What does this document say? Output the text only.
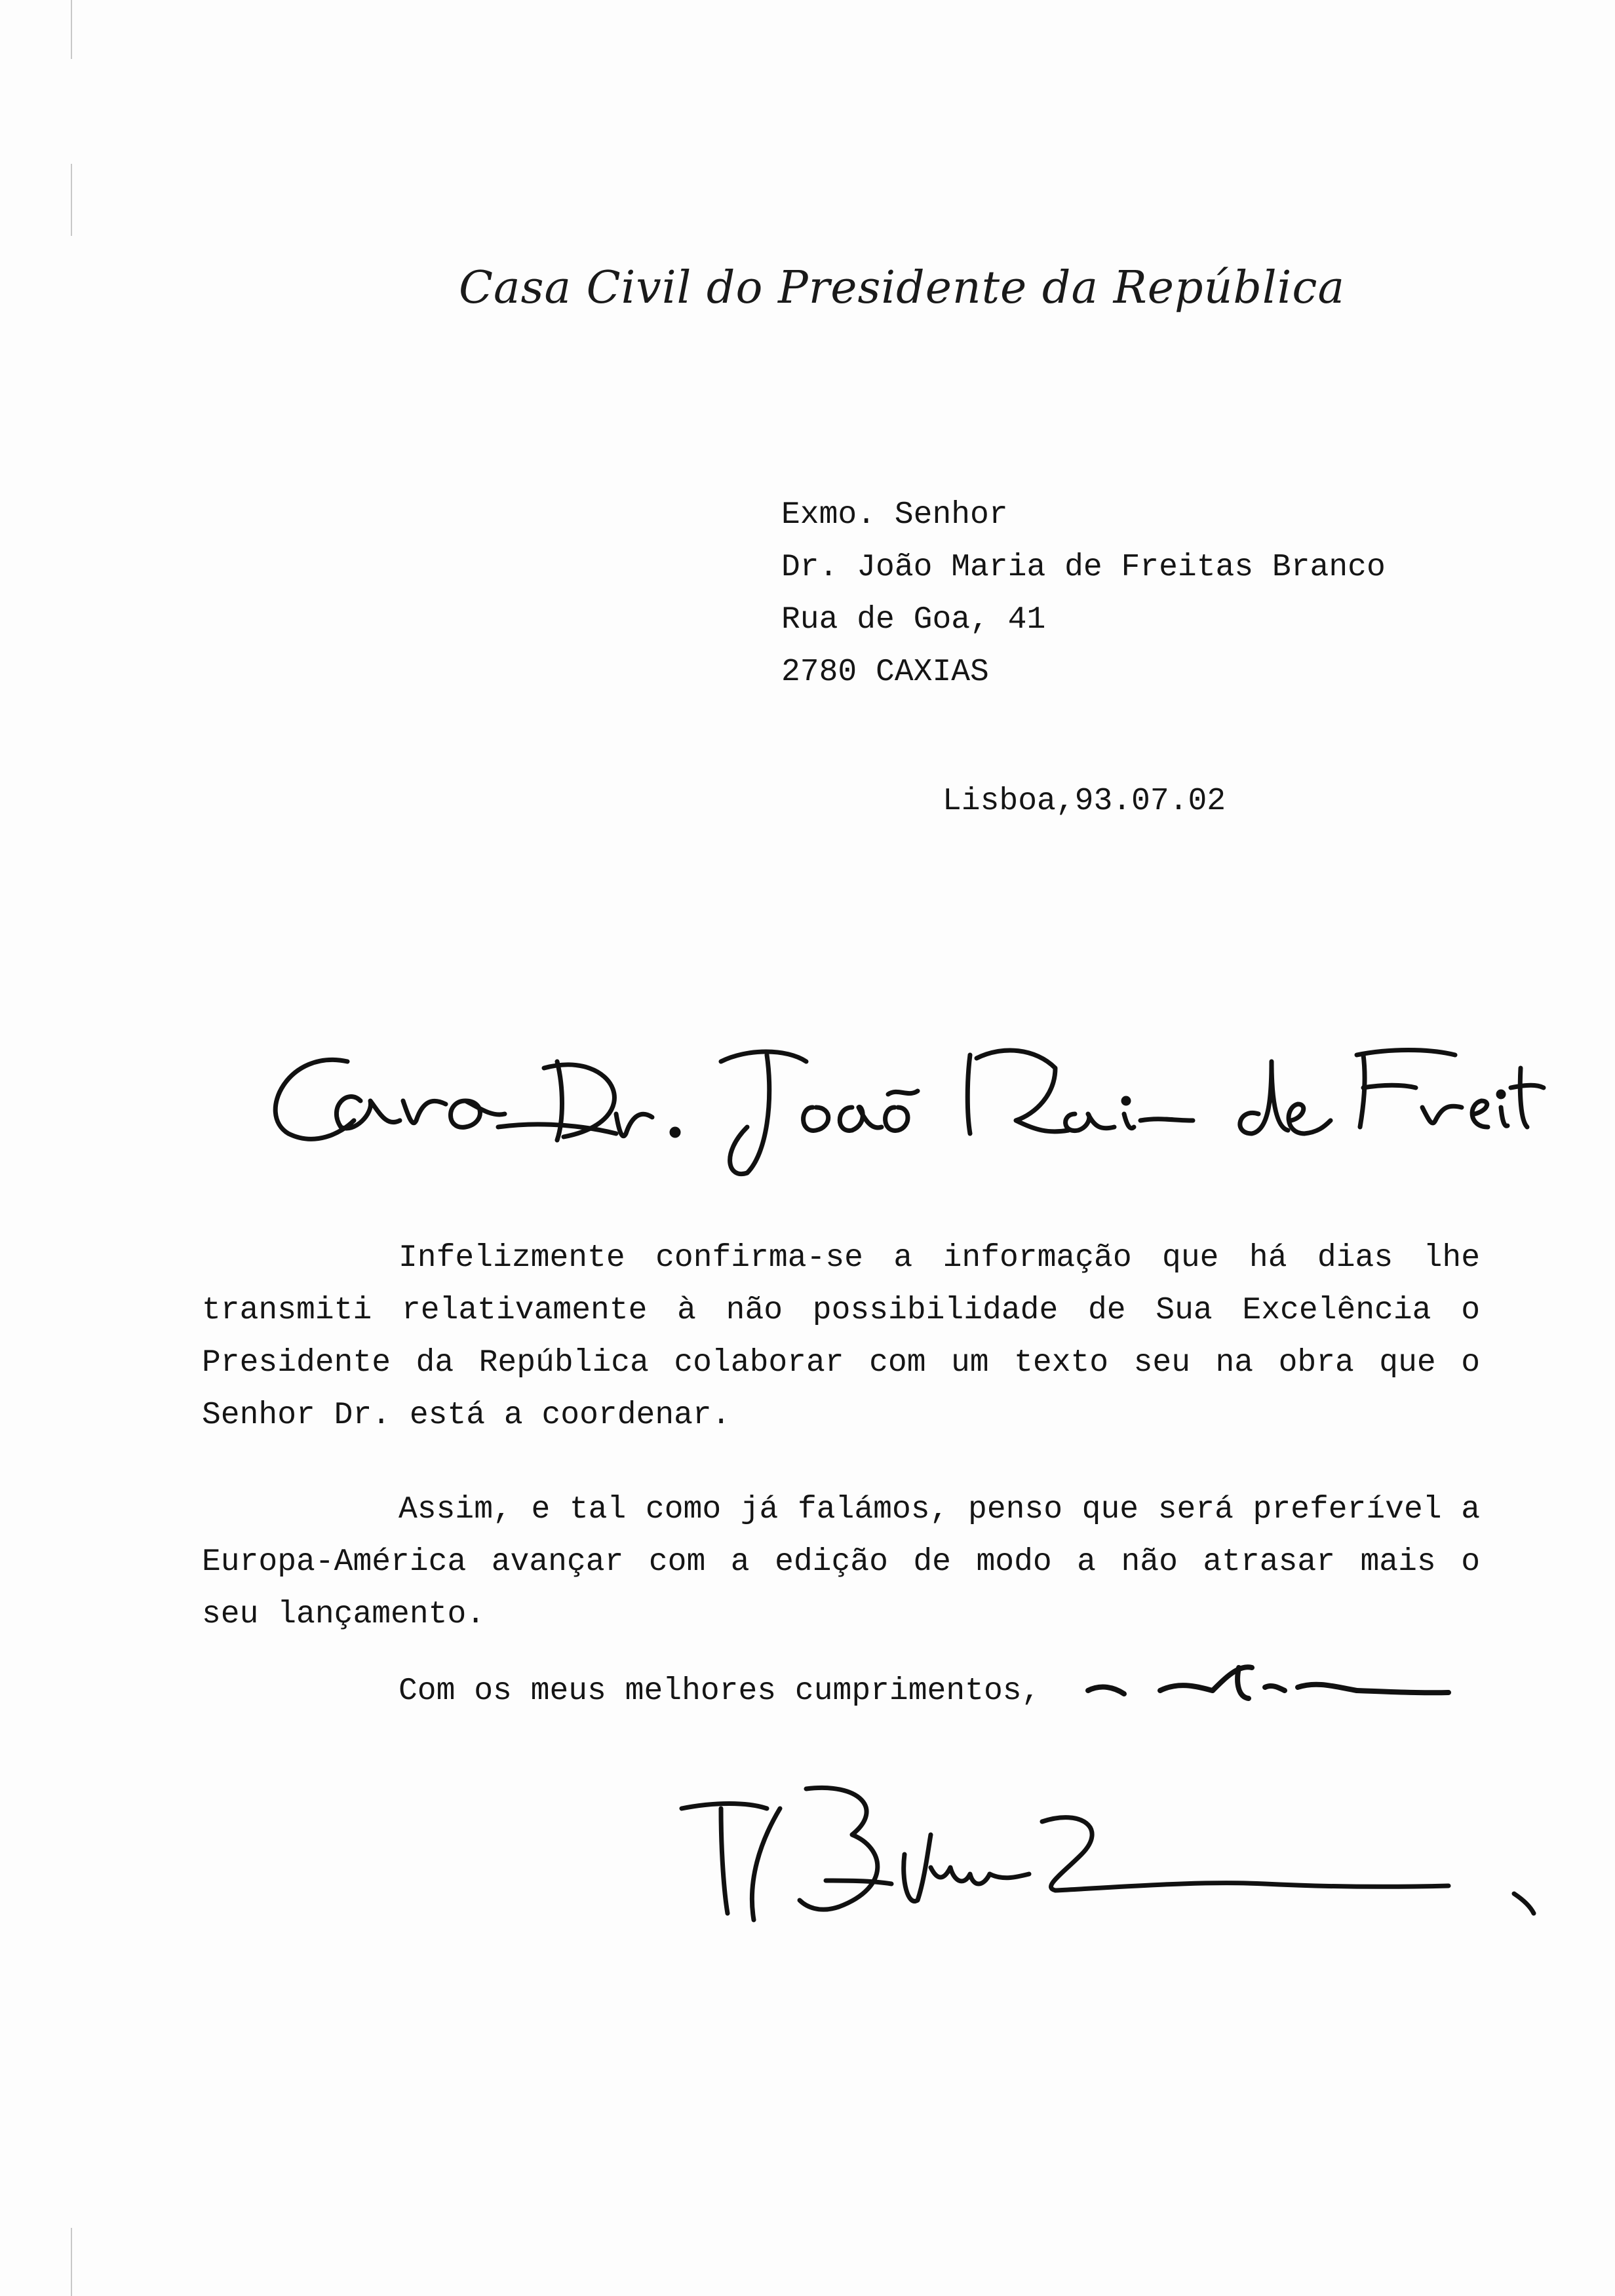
Casa Civil do Presidente da República
Exmo. Senhor
Dr. João Maria de Freitas Branco
Rua de Goa, 41
2780 CAXIAS
Lisboa,93.07.02

Infelizmente confirma-se a informação que há dias lhe transmiti relativamente à não possibilidade de Sua Excelência o Presidente da República colaborar com um texto seu na obra que o Senhor Dr. está a coordenar.

Assim, e tal como já falámos, penso que será preferível a Europa-América avançar com a edição de modo a não atrasar mais o seu lançamento.

Com os meus melhores cumprimentos,
